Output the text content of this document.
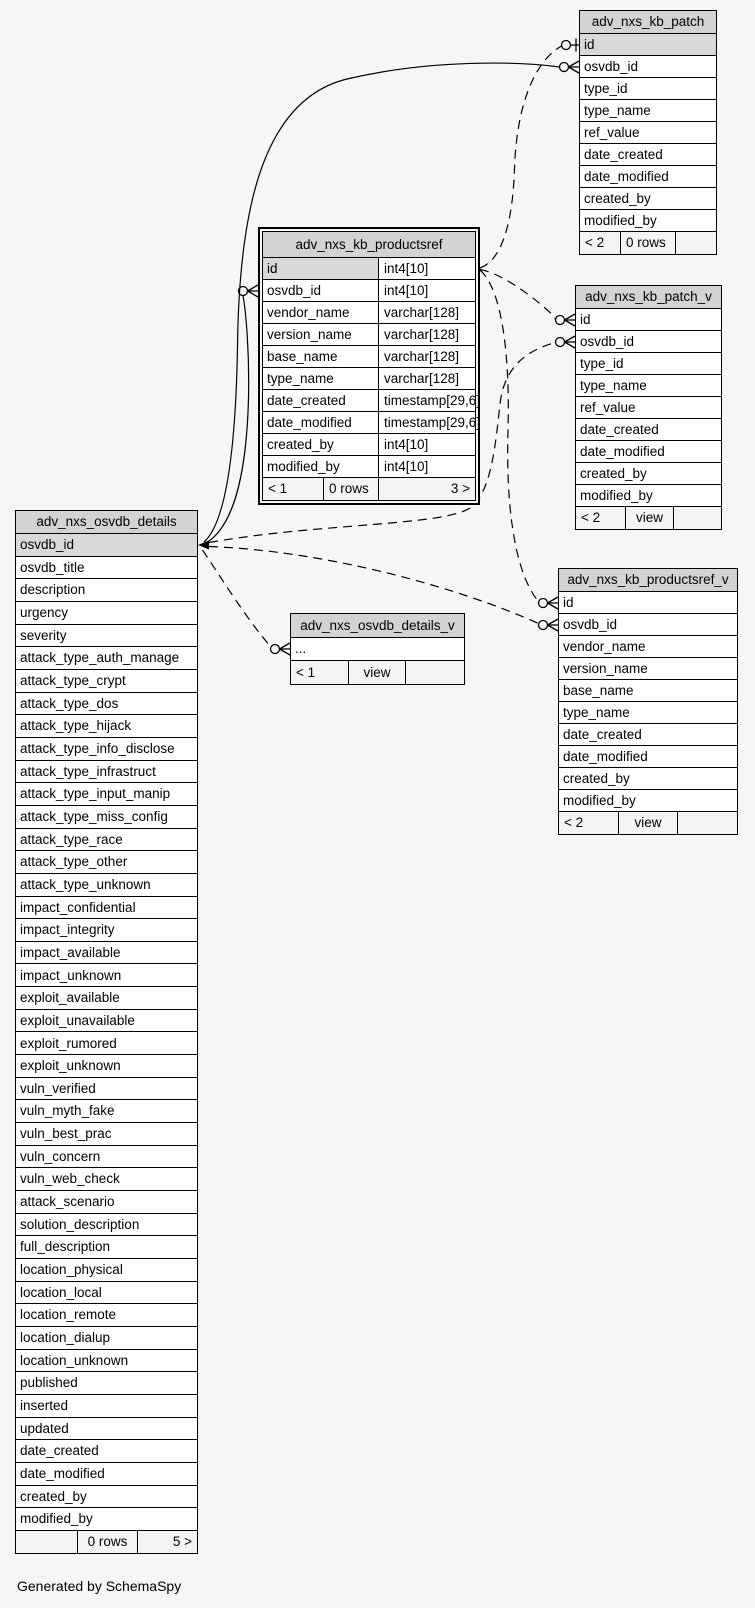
adv_nxs_kb_patch
id
osvdb_id
type_id
type_name
ref_value
date_created
date_modified
created_by
modified_by
< 2	0 rows
adv_nxs_kb_productsref
id	int4[10]
osvdb_id	int4[10]
vendor_name	varchar[128]
version_name	varchar[128]
base_name	varchar[128]
type_name	varchar[128]
date_created	timestamp[29,6]
date_modified	timestamp[29,6]
created_by	int4[10]
modified_by	int4[10]
< 1	0 rows	3 >
adv_nxs_kb_patch_v
id
osvdb_id
type_id
type_name
ref_value
date_created
date_modified
created_by
modified_by
< 2	view
adv_nxs_osvdb_details
osvdb_id
osvdb_title
description
urgency
severity
attack_type_auth_manage
attack_type_crypt
attack_type_dos
attack_type_hijack
attack_type_info_disclose
attack_type_infrastruct
attack_type_input_manip
attack_type_miss_config
attack_type_race
attack_type_other
attack_type_unknown
impact_confidential
impact_integrity
impact_available
impact_unknown
exploit_available
exploit_unavailable
exploit_rumored
exploit_unknown
vuln_verified
vuln_myth_fake
vuln_best_prac
vuln_concern
vuln_web_check
attack_scenario
solution_description
full_description
location_physical
location_local
location_remote
location_dialup
location_unknown
published
inserted
updated
date_created
date_modified
created_by
modified_by
0 rows	5 >
adv_nxs_osvdb_details_v
...
< 1	view
adv_nxs_kb_productsref_v
id
osvdb_id
vendor_name
version_name
base_name
type_name
date_created
date_modified
created_by
modified_by
< 2	view
Generated by SchemaSpy
